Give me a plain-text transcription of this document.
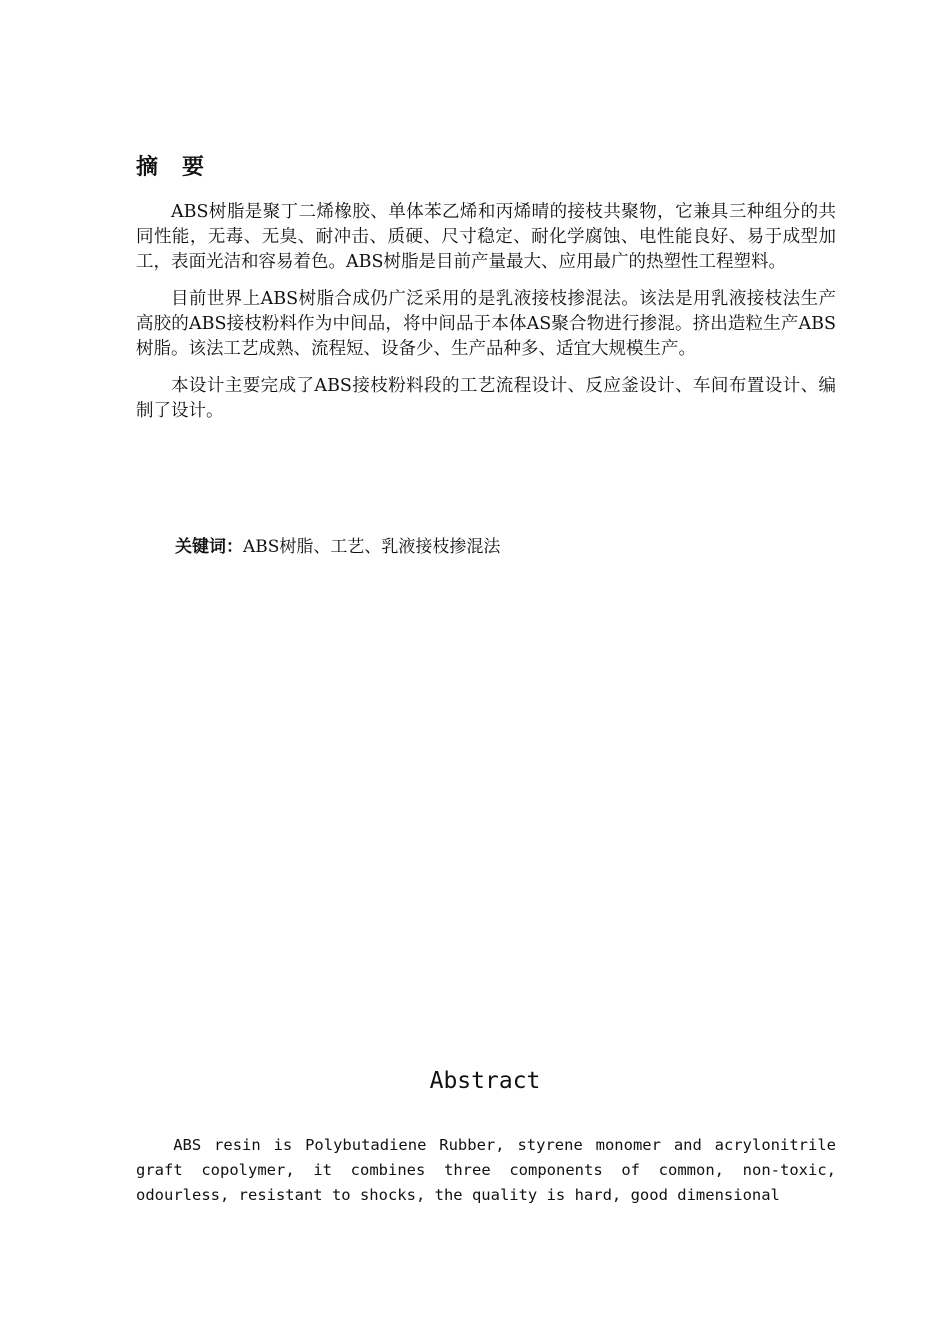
摘　要

ABS树脂是聚丁二烯橡胶、单体苯乙烯和丙烯晴的接枝共聚物，它兼具三种组分的共同性能，无毒、无臭、耐冲击、质硬、尺寸稳定、耐化学腐蚀、电性能良好、易于成型加工，表面光洁和容易着色。ABS树脂是目前产量最大、应用最广的热塑性工程塑料。

目前世界上ABS树脂合成仍广泛采用的是乳液接枝掺混法。该法是用乳液接枝法生产高胶的ABS接枝粉料作为中间品，将中间品于本体AS聚合物进行掺混。挤出造粒生产ABS树脂。该法工艺成熟、流程短、设备少、生产品种多、适宜大规模生产。

本设计主要完成了ABS接枝粉料段的工艺流程设计、反应釜设计、车间布置设计、编制了设计。

关键词：ABS树脂、工艺、乳液接枝掺混法
Abstract

ABS resin is Polybutadiene Rubber, styrene monomer and acrylonitrile graft copolymer, it combines three components of common, non-toxic, odourless, resistant to shocks, the quality is hard, good dimensional
